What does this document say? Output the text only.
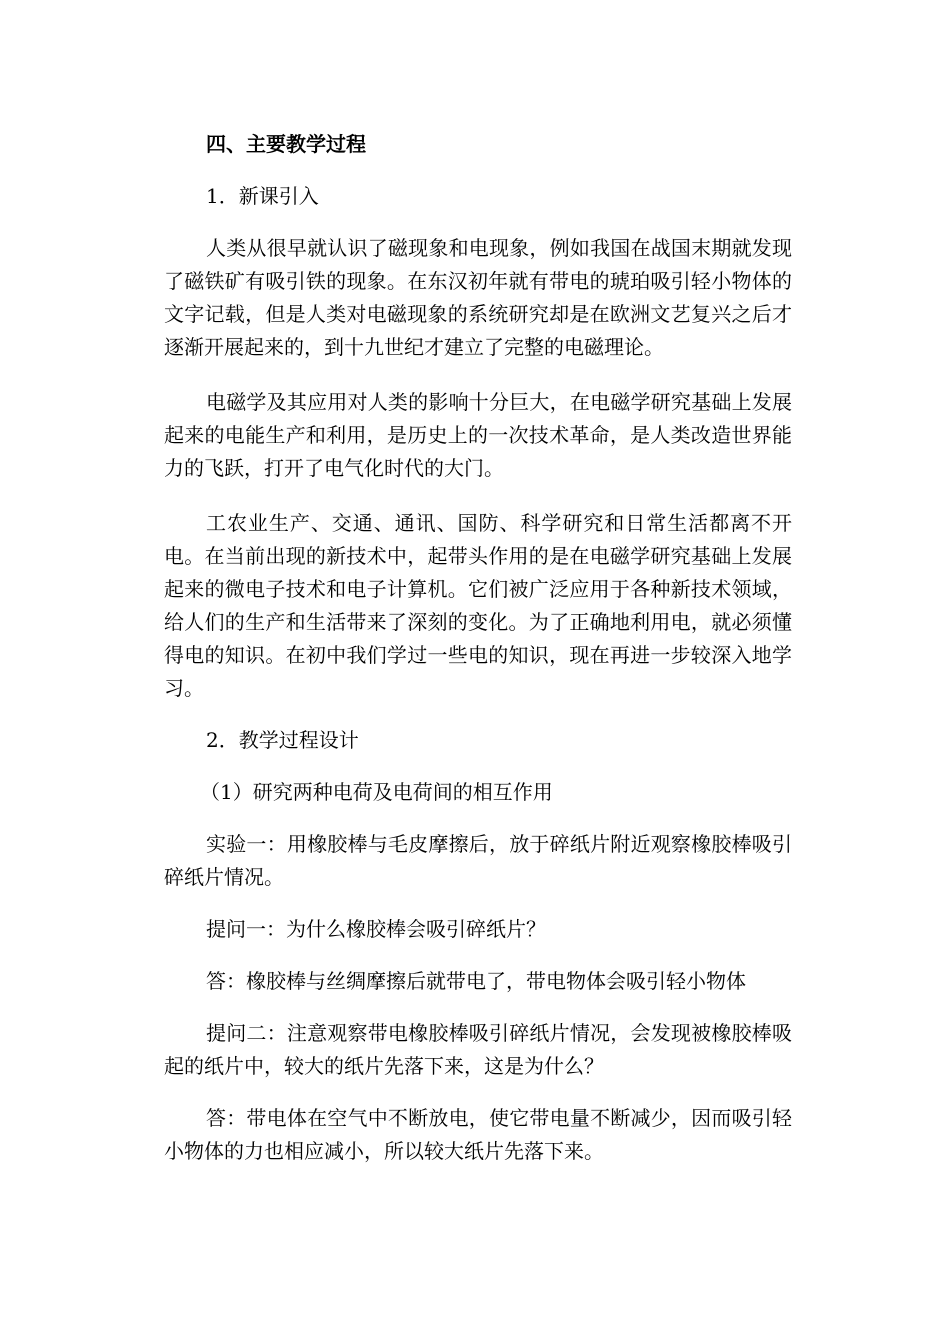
四、主要教学过程

1．新课引入

人类从很早就认识了磁现象和电现象，例如我国在战国末期就发现了磁铁矿有吸引铁的现象。在东汉初年就有带电的琥珀吸引轻小物体的文字记载，但是人类对电磁现象的系统研究却是在欧洲文艺复兴之后才逐渐开展起来的，到十九世纪才建立了完整的电磁理论。

电磁学及其应用对人类的影响十分巨大，在电磁学研究基础上发展起来的电能生产和利用，是历史上的一次技术革命，是人类改造世界能力的飞跃，打开了电气化时代的大门。

工农业生产、交通、通讯、国防、科学研究和日常生活都离不开电。在当前出现的新技术中，起带头作用的是在电磁学研究基础上发展起来的微电子技术和电子计算机。它们被广泛应用于各种新技术领域，给人们的生产和生活带来了深刻的变化。为了正确地利用电，就必须懂得电的知识。在初中我们学过一些电的知识，现在再进一步较深入地学习。

2．教学过程设计

（1）研究两种电荷及电荷间的相互作用

实验一：用橡胶棒与毛皮摩擦后，放于碎纸片附近观察橡胶棒吸引碎纸片情况。

提问一：为什么橡胶棒会吸引碎纸片？

答：橡胶棒与丝绸摩擦后就带电了，带电物体会吸引轻小物体

提问二：注意观察带电橡胶棒吸引碎纸片情况，会发现被橡胶棒吸起的纸片中，较大的纸片先落下来，这是为什么？

答：带电体在空气中不断放电，使它带电量不断减少，因而吸引轻小物体的力也相应减小，所以较大纸片先落下来。
